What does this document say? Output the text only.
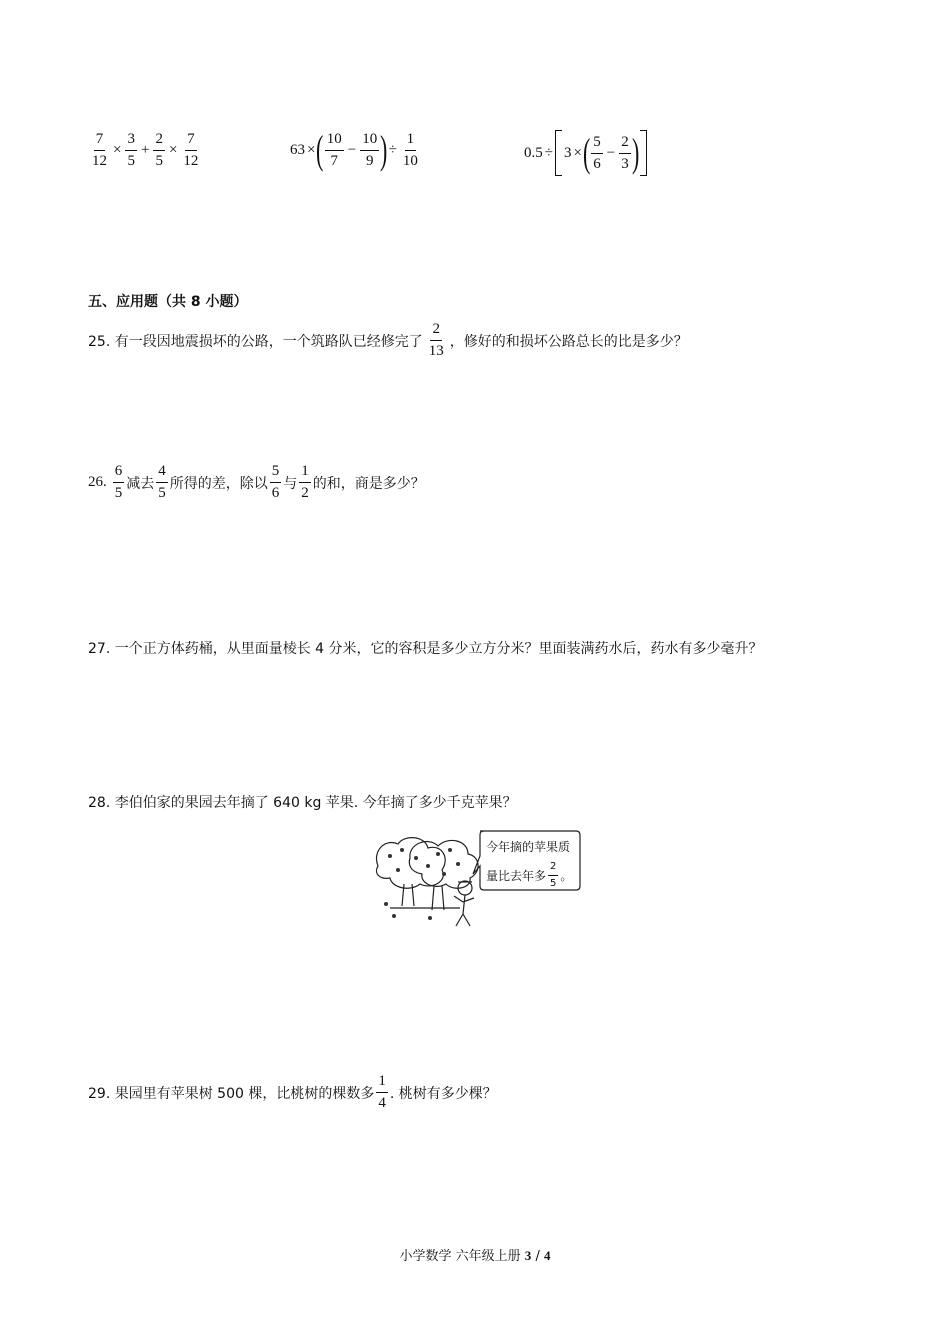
$\frac{7}{12} \times \frac{3}{5} + \frac{2}{5} \times \frac{7}{12}$	63 × ( $\frac{10}{7} - \frac{10}{9}$ ) ÷ $\frac{1}{10}$	0.5 ÷ 3 × ( $\frac{5}{6} - \frac{2}{3}$ )
五、应用题（共 8 小题）
25. 有一段因地震损坏的公路，一个筑路队已经修完了 $\frac{2}{13}$ ，修好的和损坏公路总长的比是多少？
26. $\frac{6}{5}$ 减去 $\frac{4}{5}$ 所得的差，除以 $\frac{5}{6}$ 与 $\frac{1}{2}$ 的和，商是多少？
27. 一个正方体药桶，从里面量棱长 4 分米，它的容积是多少立方分米？里面装满药水后，药水有多少毫升？
28. 李伯伯家的果园去年摘了 640 kg 苹果. 今年摘了多少千克苹果？
今年摘的苹果质
量比去年多 $\frac{2}{5}$ 。
29. 果园里有苹果树 500 棵，比桃树的棵数多 $\frac{1}{4}$ . 桃树有多少棵？
小学数学 六年级上册 3 / 4
